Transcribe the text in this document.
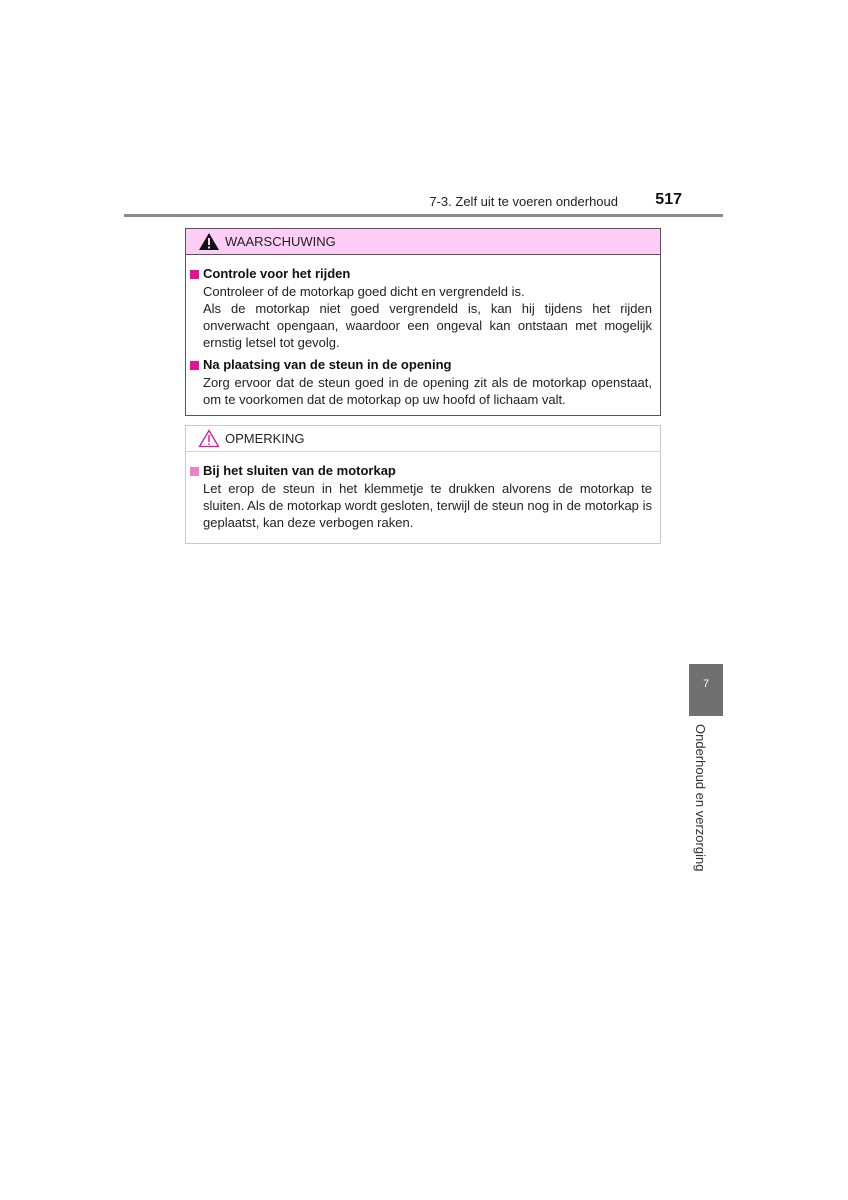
7-3. Zelf uit te voeren onderhoud	517
WAARSCHUWING
Controle voor het rijden
Controleer of de motorkap goed dicht en vergrendeld is.
Als de motorkap niet goed vergrendeld is, kan hij tijdens het rijden onverwacht opengaan, waardoor een ongeval kan ontstaan met mogelijk ernstig letsel tot gevolg.
Na plaatsing van de steun in de opening
Zorg ervoor dat de steun goed in de opening zit als de motorkap openstaat, om te voorkomen dat de motorkap op uw hoofd of lichaam valt.
OPMERKING
Bij het sluiten van de motorkap
Let erop de steun in het klemmetje te drukken alvorens de motorkap te sluiten. Als de motorkap wordt gesloten, terwijl de steun nog in de motorkap is geplaatst, kan deze verbogen raken.
7
Onderhoud en verzorging
